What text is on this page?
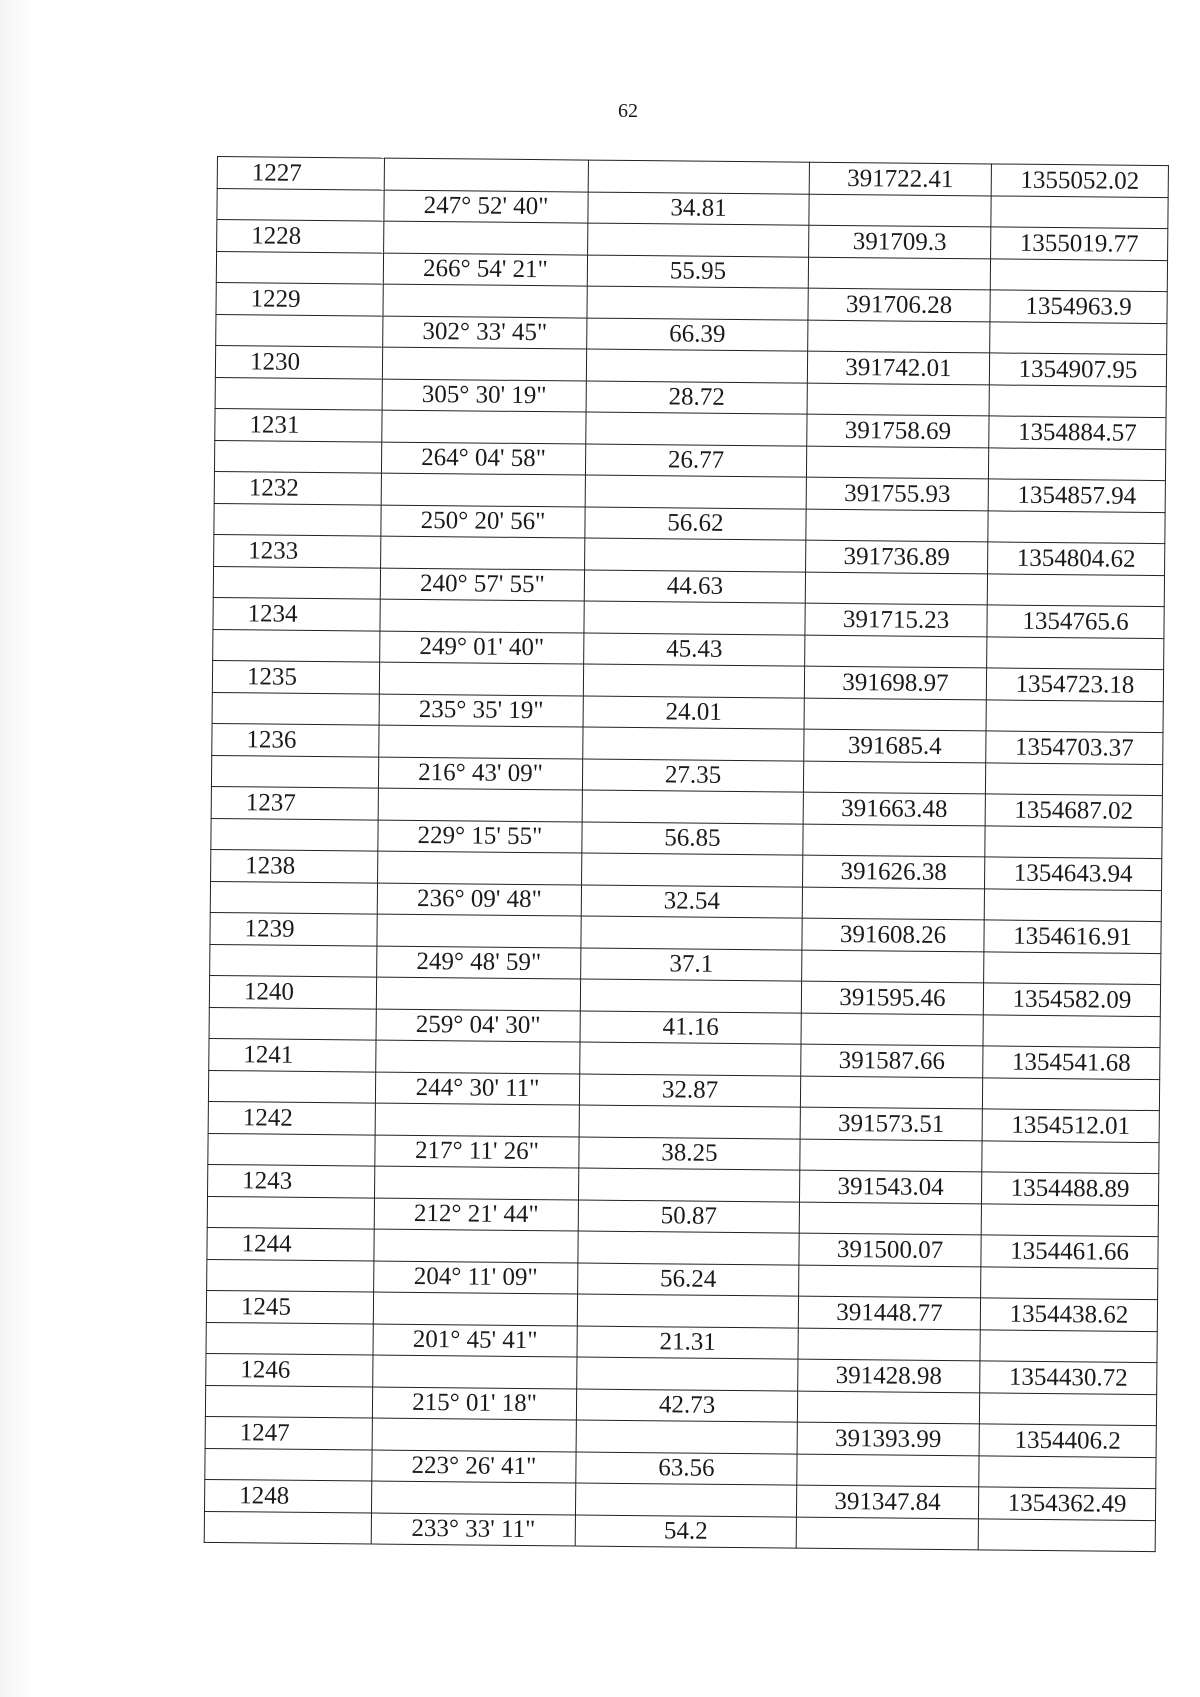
62
1227			391722.41	1355052.02
	247° 52' 40"	34.81		
1228			391709.3	1355019.77
	266° 54' 21"	55.95		
1229			391706.28	1354963.9
	302° 33' 45"	66.39		
1230			391742.01	1354907.95
	305° 30' 19"	28.72		
1231			391758.69	1354884.57
	264° 04' 58"	26.77		
1232			391755.93	1354857.94
	250° 20' 56"	56.62		
1233			391736.89	1354804.62
	240° 57' 55"	44.63		
1234			391715.23	1354765.6
	249° 01' 40"	45.43		
1235			391698.97	1354723.18
	235° 35' 19"	24.01		
1236			391685.4	1354703.37
	216° 43' 09"	27.35		
1237			391663.48	1354687.02
	229° 15' 55"	56.85		
1238			391626.38	1354643.94
	236° 09' 48"	32.54		
1239			391608.26	1354616.91
	249° 48' 59"	37.1		
1240			391595.46	1354582.09
	259° 04' 30"	41.16		
1241			391587.66	1354541.68
	244° 30' 11"	32.87		
1242			391573.51	1354512.01
	217° 11' 26"	38.25		
1243			391543.04	1354488.89
	212° 21' 44"	50.87		
1244			391500.07	1354461.66
	204° 11' 09"	56.24		
1245			391448.77	1354438.62
	201° 45' 41"	21.31		
1246			391428.98	1354430.72
	215° 01' 18"	42.73		
1247			391393.99	1354406.2
	223° 26' 41"	63.56		
1248			391347.84	1354362.49
	233° 33' 11"	54.2		
